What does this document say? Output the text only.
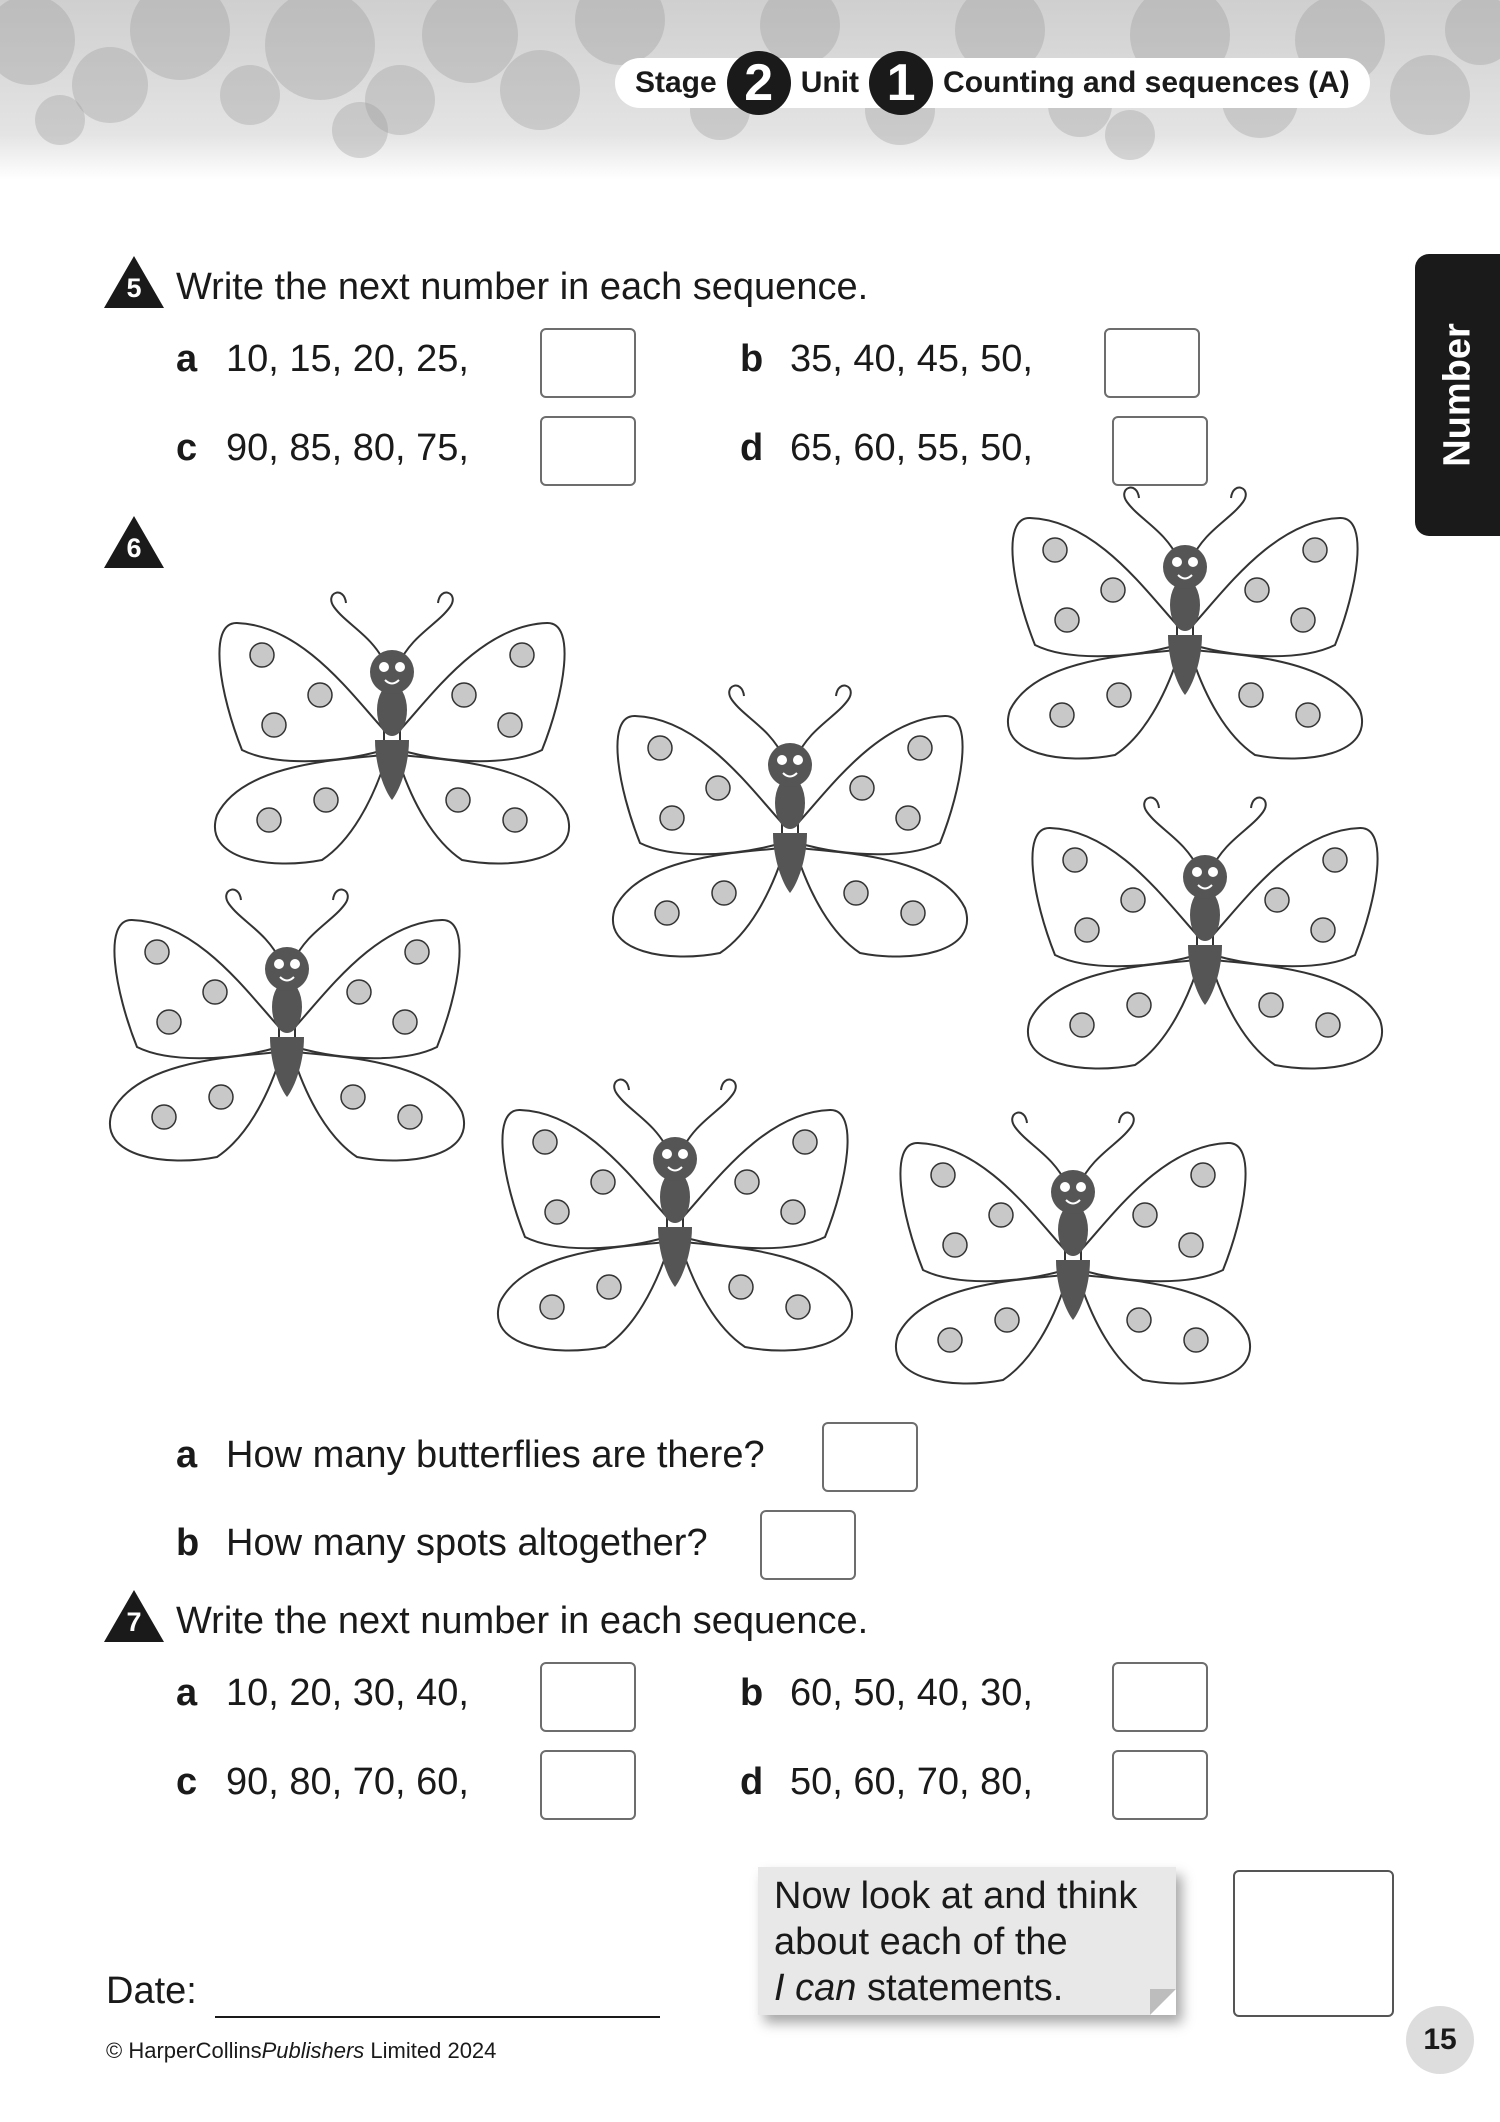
Stage 2 Unit 1 Counting and sequences (A)
Number
5 Write the next number in each sequence.
a 10, 15, 20, 25,	b 35, 40, 45, 50,
c 90, 85, 80, 75,	d 65, 60, 55, 50,
6
a How many butterflies are there?
b How many spots altogether?
7 Write the next number in each sequence.
a 10, 20, 30, 40,	b 60, 50, 40, 30,
c 90, 80, 70, 60,	d 50, 60, 70, 80,
Now look at and think
about each of the
I can statements.
Date:
© HarperCollinsPublishers Limited 2024	15
